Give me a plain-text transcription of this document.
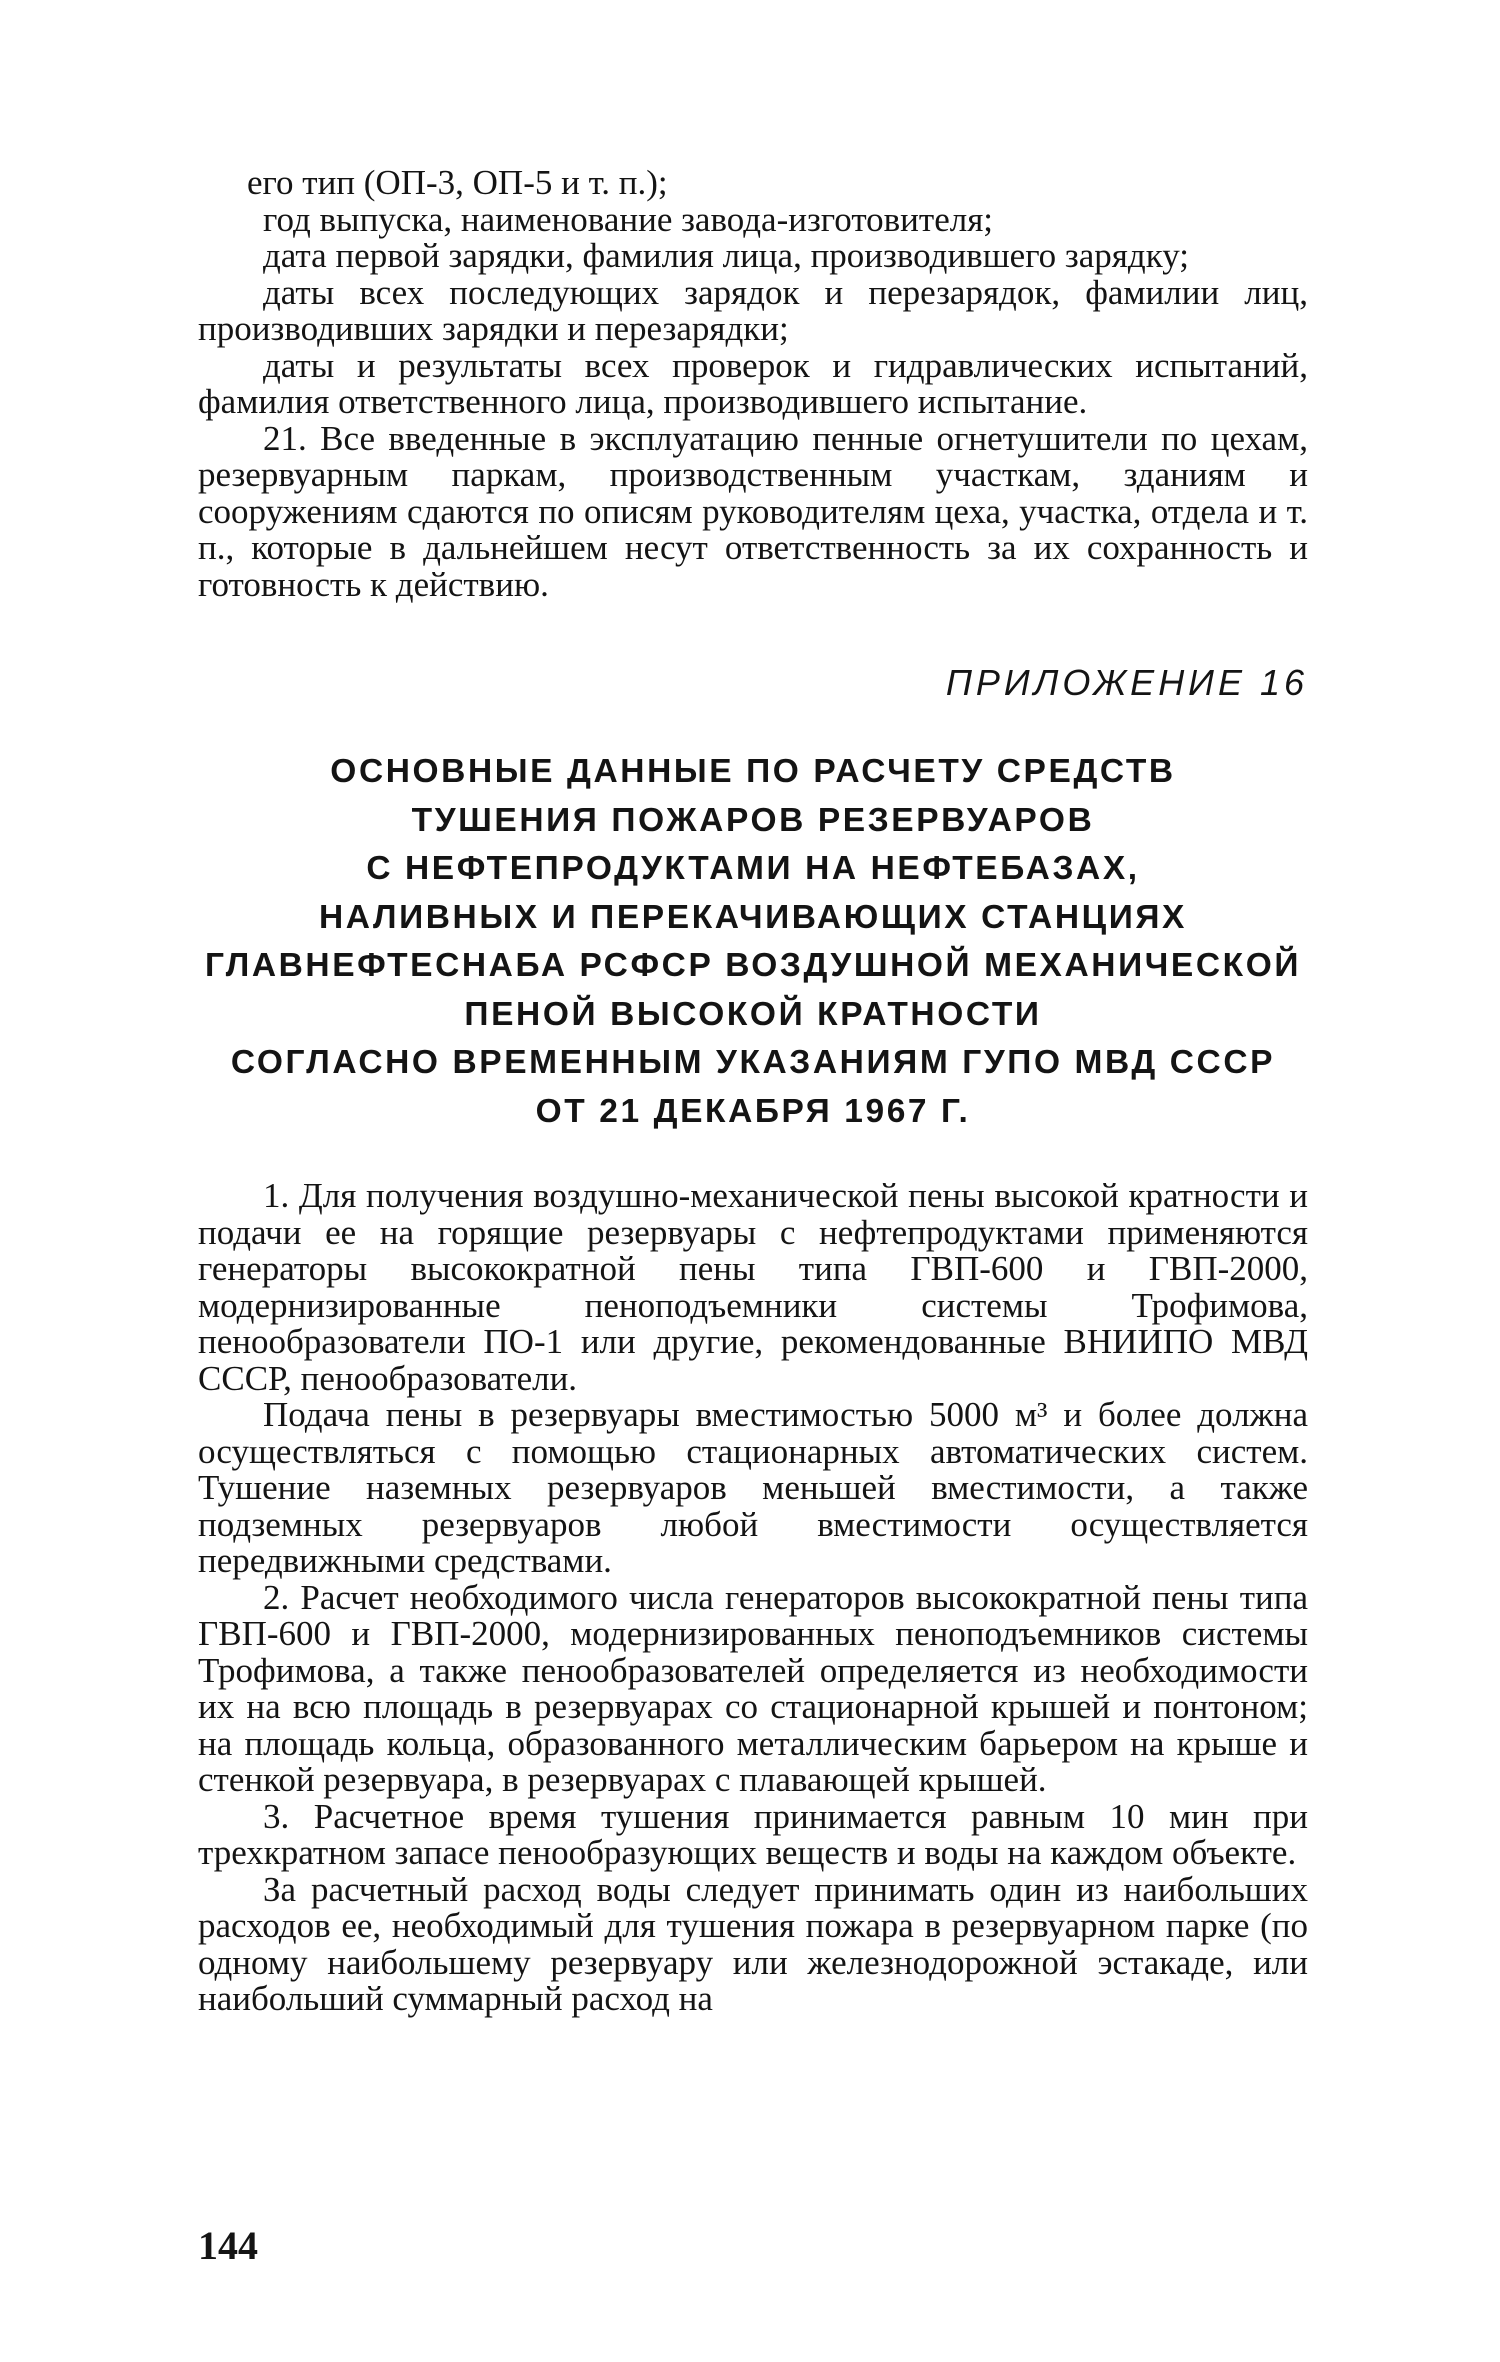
его тип (ОП-3, ОП-5 и т. п.);

год выпуска, наименование завода-изготовителя;

дата первой зарядки, фамилия лица, производившего зарядку;

даты всех последующих зарядок и перезарядок, фамилии лиц, производивших зарядки и перезарядки;

даты и результаты всех проверок и гидравлических испытаний, фамилия ответственного лица, производившего испытание.

21. Все введенные в эксплуатацию пенные огнетушители по цехам, резервуарным паркам, производственным участкам, зданиям и сооружениям сдаются по описям руководителям цеха, участка, отдела и т. п., которые в дальнейшем несут ответственность за их сохранность и готовность к действию.

ПРИЛОЖЕНИЕ 16
ОСНОВНЫЕ ДАННЫЕ ПО РАСЧЕТУ СРЕДСТВ
ТУШЕНИЯ ПОЖАРОВ РЕЗЕРВУАРОВ
С НЕФТЕПРОДУКТАМИ НА НЕФТЕБАЗАХ,
НАЛИВНЫХ И ПЕРЕКАЧИВАЮЩИХ СТАНЦИЯХ
ГЛАВНЕФТЕСНАБА РСФСР ВОЗДУШНОЙ МЕХАНИЧЕСКОЙ
ПЕНОЙ ВЫСОКОЙ КРАТНОСТИ
СОГЛАСНО ВРЕМЕННЫМ УКАЗАНИЯМ ГУПО МВД СССР
ОТ 21 ДЕКАБРЯ 1967 Г.

1. Для получения воздушно-механической пены высокой кратности и подачи ее на горящие резервуары с нефтепродуктами применяются генераторы высокократной пены типа ГВП-600 и ГВП-2000, модернизированные пеноподъемники системы Трофимова, пенообразователи ПО-1 или другие, рекомендованные ВНИИПО МВД СССР, пенообразователи.

Подача пены в резервуары вместимостью 5000 м³ и более должна осуществляться с помощью стационарных автоматических систем. Тушение наземных резервуаров меньшей вместимости, а также подземных резервуаров любой вместимости осуществляется передвижными средствами.

2. Расчет необходимого числа генераторов высокократной пены типа ГВП-600 и ГВП-2000, модернизированных пеноподъемников системы Трофимова, а также пенообразователей определяется из необходимости их на всю площадь в резервуарах со стационарной крышей и понтоном; на площадь кольца, образованного металлическим барьером на крыше и стенкой резервуара, в резервуарах с плавающей крышей.

3. Расчетное время тушения принимается равным 10 мин при трехкратном запасе пенообразующих веществ и воды на каждом объекте.

За расчетный расход воды следует принимать один из наибольших расходов ее, необходимый для тушения пожара в резервуарном парке (по одному наибольшему резервуару или железнодорожной эстакаде, или наибольший суммарный расход на

144
